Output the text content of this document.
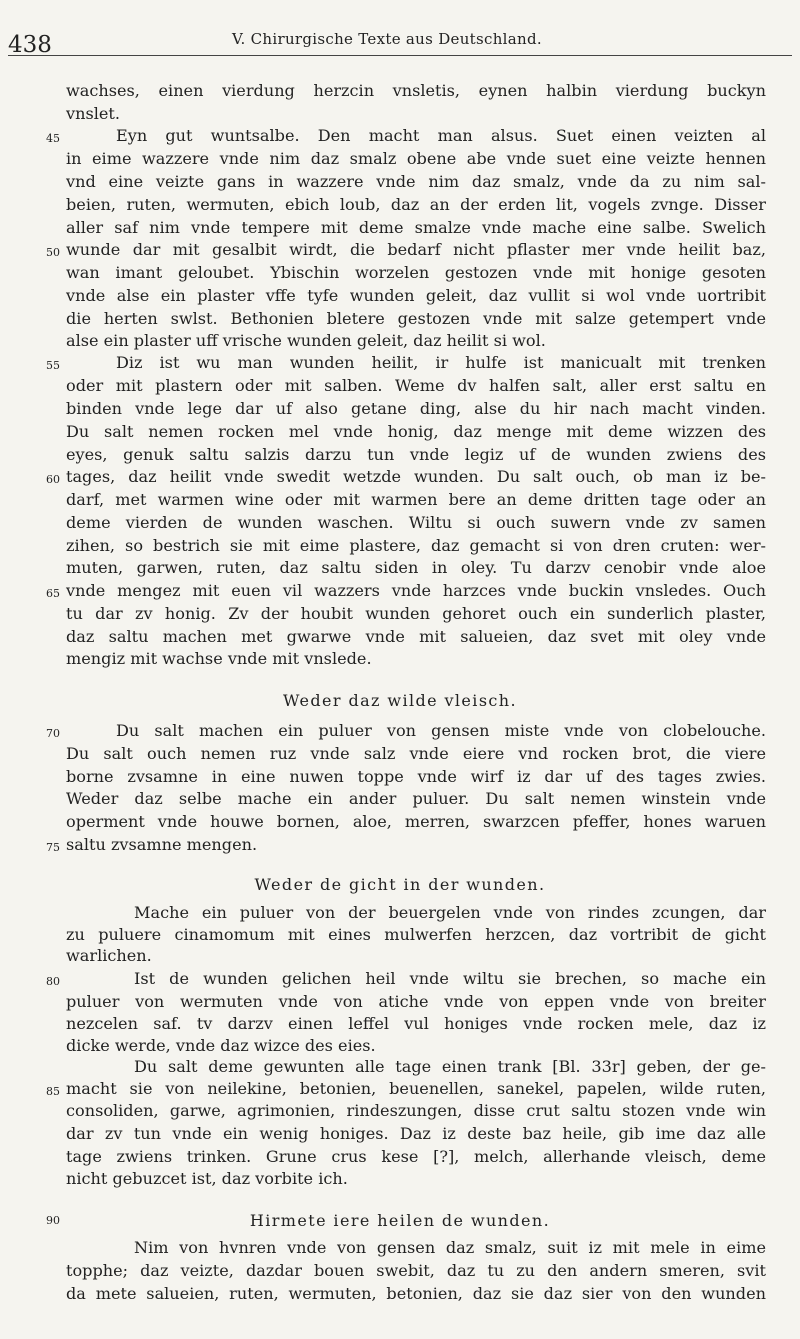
438	V. Chirurgische Texte aus Deutschland.
wachses, einen vierdung herzcin vnsletis, eynen halbin vierdung buckyn
vnslet.
Eyn gut wuntsalbe. Den macht man alsus. Suet einen veizten al
in eime wazzere vnde nim daz smalz obene abe vnde suet eine veizte hennen
vnd eine veizte gans in wazzere vnde nim daz smalz, vnde da zu nim sal-
beien, ruten, wermuten, ebich loub, daz an der erden lit, vogels zvnge. Disser
aller saf nim vnde tempere mit deme smalze vnde mache eine salbe. Swelich
wunde dar mit gesalbit wirdt, die bedarf nicht pflaster mer vnde heilit baz,
wan imant geloubet. Ybischin worzelen gestozen vnde mit honige gesoten
vnde alse ein plaster vffe tyfe wunden geleit, daz vullit si wol vnde uortribit
die herten swlst. Bethonien bletere gestozen vnde mit salze getempert vnde
alse ein plaster uff vrische wunden geleit, daz heilit si wol.
Diz ist wu man wunden heilit, ir hulfe ist manicualt mit trenken
oder mit plastern oder mit salben. Weme dv halfen salt, aller erst saltu en
binden vnde lege dar uf also getane ding, alse du hir nach macht vinden.
Du salt nemen rocken mel vnde honig, daz menge mit deme wizzen des
eyes, genuk saltu salzis darzu tun vnde legiz uf de wunden zwiens des
tages, daz heilit vnde swedit wetzde wunden. Du salt ouch, ob man iz be-
darf, met warmen wine oder mit warmen bere an deme dritten tage oder an
deme vierden de wunden waschen. Wiltu si ouch suwern vnde zv samen
zihen, so bestrich sie mit eime plastere, daz gemacht si von dren cruten: wer-
muten, garwen, ruten, daz saltu siden in oley. Tu darzv cenobir vnde aloe
vnde mengez mit euen vil wazzers vnde harzces vnde buckin vnsledes. Ouch
tu dar zv honig. Zv der houbit wunden gehoret ouch ein sunderlich plaster,
daz saltu machen met gwarwe vnde mit salueien, daz svet mit oley vnde
mengiz mit wachse vnde mit vnslede.
Weder daz wilde vleisch.
Du salt machen ein puluer von gensen miste vnde von clobelouche.
Du salt ouch nemen ruz vnde salz vnde eiere vnd rocken brot, die viere
borne zvsamne in eine nuwen toppe vnde wirf iz dar uf des tages zwies.
Weder daz selbe mache ein ander puluer. Du salt nemen winstein vnde
operment vnde houwe bornen, aloe, merren, swarzcen pfeffer, hones waruen
saltu zvsamne mengen.
Weder de gicht in der wunden.
Mache ein puluer von der beuergelen vnde von rindes zcungen, dar
zu puluere cinamomum mit eines mulwerfen herzcen, daz vortribit de gicht
warlichen.
Ist de wunden gelichen heil vnde wiltu sie brechen, so mache ein
puluer von wermuten vnde von atiche vnde von eppen vnde von breiter
nezcelen saf. tv darzv einen leffel vul honiges vnde rocken mele, daz iz
dicke werde, vnde daz wizce des eies.
Du salt deme gewunten alle tage einen trank [Bl. 33r] geben, der ge-
macht sie von neilekine, betonien, beuenellen, sanekel, papelen, wilde ruten,
consoliden, garwe, agrimonien, rindeszungen, disse crut saltu stozen vnde win
dar zv tun vnde ein wenig honiges. Daz iz deste baz heile, gib ime daz alle
tage zwiens trinken. Grune crus kese [?], melch, allerhande vleisch, deme
nicht gebuzcet ist, daz vorbite ich.
Hirmete iere heilen de wunden.
Nim von hvnren vnde von gensen daz smalz, suit iz mit mele in eime
topphe; daz veizte, dazdar bouen swebit, daz tu zu den andern smeren, svit
da mete salueien, ruten, wermuten, betonien, daz sie daz sier von den wunden
45
50
55
60
65
70
75
80
85
90
